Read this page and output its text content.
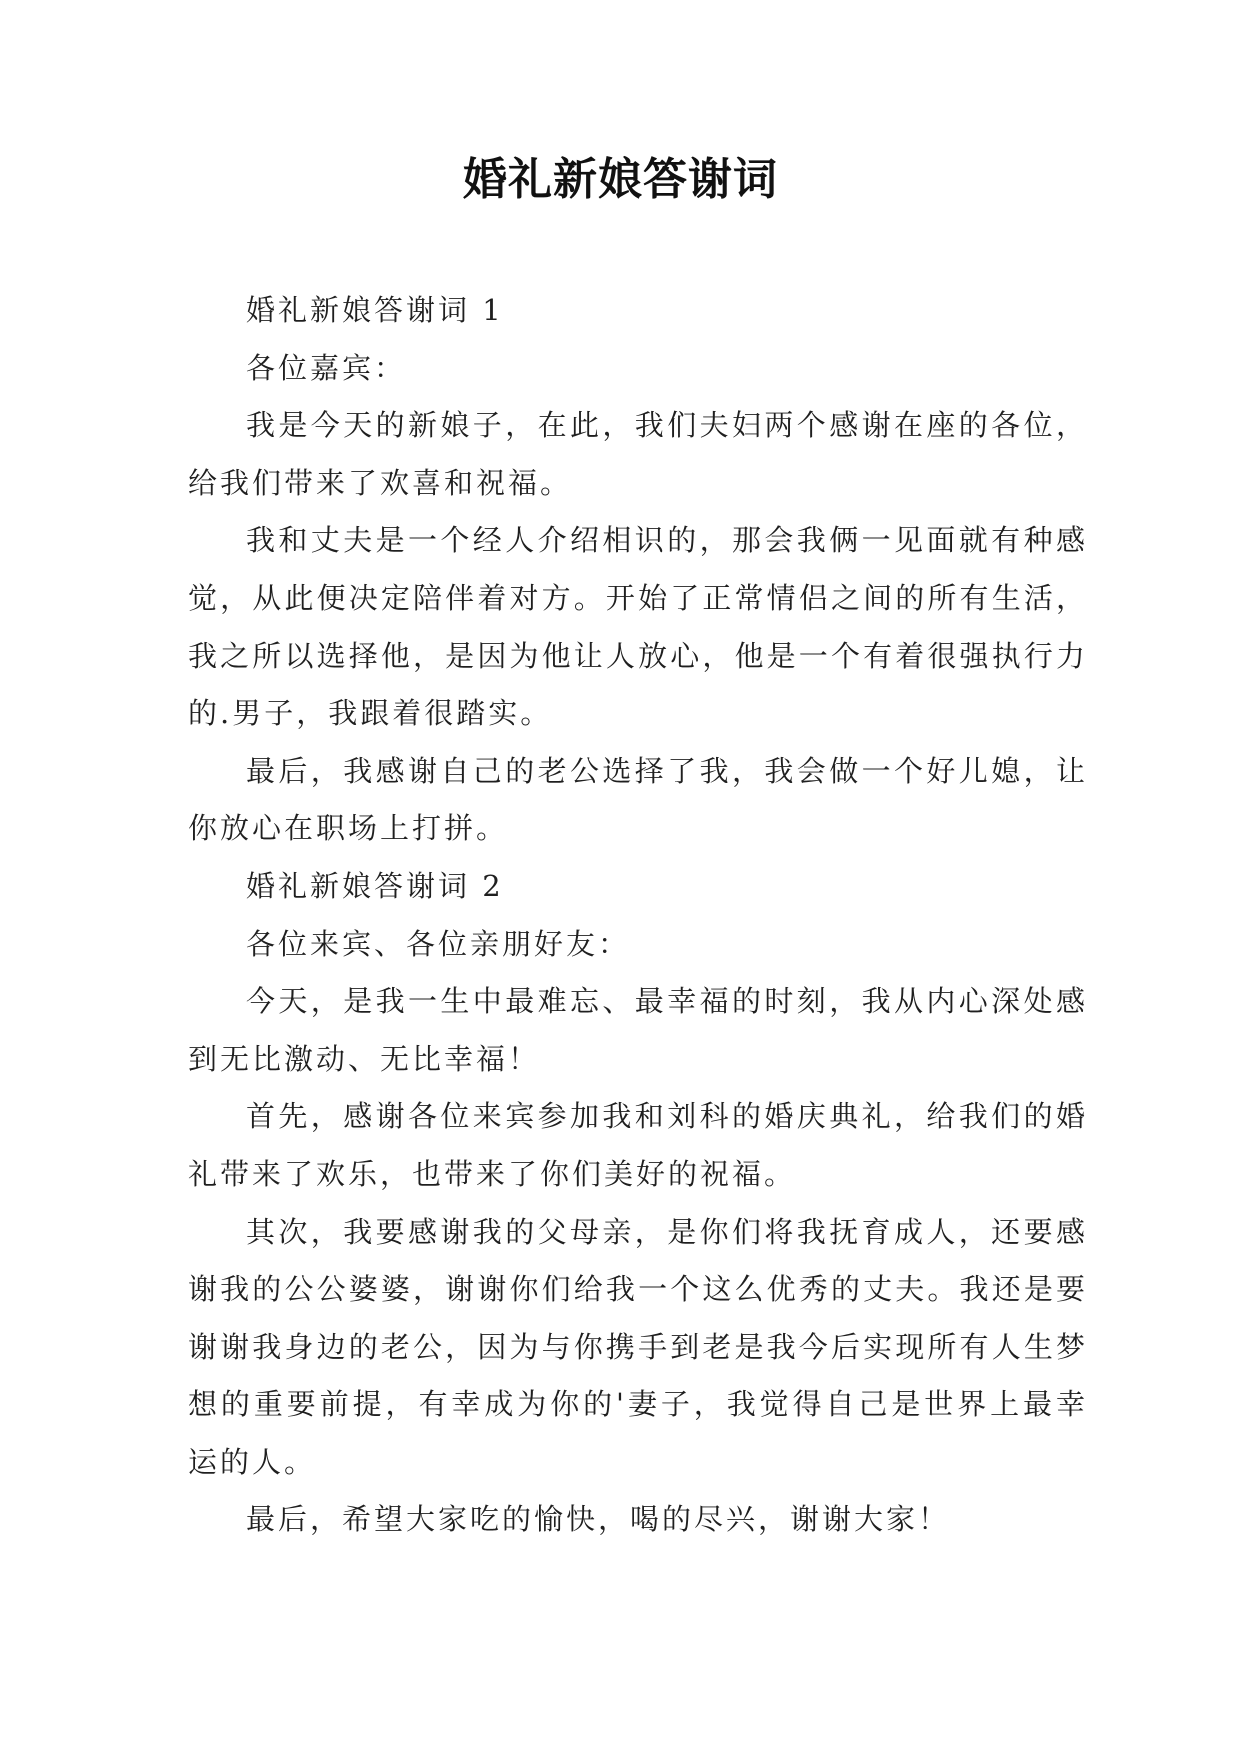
婚礼新娘答谢词

婚礼新娘答谢词 1

各位嘉宾：

我是今天的新娘子，在此，我们夫妇两个感谢在座的各位，给我们带来了欢喜和祝福。

我和丈夫是一个经人介绍相识的，那会我俩一见面就有种感觉，从此便决定陪伴着对方。开始了正常情侣之间的所有生活，我之所以选择他，是因为他让人放心，他是一个有着很强执行力的.男子，我跟着很踏实。

最后，我感谢自己的老公选择了我，我会做一个好儿媳，让你放心在职场上打拼。

婚礼新娘答谢词 2

各位来宾、各位亲朋好友：

今天，是我一生中最难忘、最幸福的时刻，我从内心深处感到无比激动、无比幸福！

首先，感谢各位来宾参加我和刘科的婚庆典礼，给我们的婚礼带来了欢乐，也带来了你们美好的祝福。

其次，我要感谢我的父母亲，是你们将我抚育成人，还要感谢我的公公婆婆，谢谢你们给我一个这么优秀的丈夫。我还是要谢谢我身边的老公，因为与你携手到老是我今后实现所有人生梦想的重要前提，有幸成为你的'妻子，我觉得自己是世界上最幸运的人。

最后，希望大家吃的愉快，喝的尽兴，谢谢大家！
